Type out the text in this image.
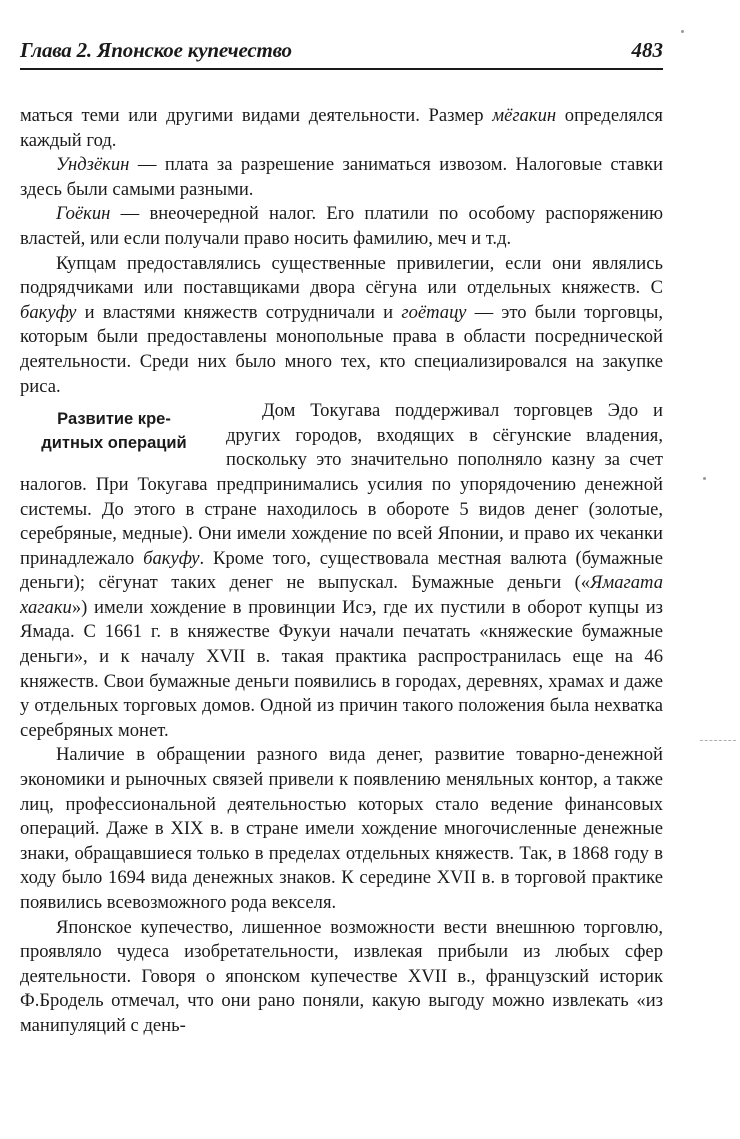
Глава 2. Японское купечество	483

маться теми или другими видами деятельности. Размер мёгакин определялся каждый год.

Ундзёкин — плата за разрешение заниматься извозом. Налоговые ставки здесь были самыми разными.

Гоёкин — внеочередной налог. Его платили по особому распоряжению властей, или если получали право носить фамилию, меч и т.д.

Купцам предоставлялись существенные привилегии, если они являлись подрядчиками или поставщиками двора сёгуна или отдельных княжеств. С бакуфу и властями княжеств сотрудничали и гоётацу — это были торговцы, которым были предоставлены монопольные права в области посреднической деятельности. Среди них было много тех, кто специализировался на закупке риса.

Развитие кре-
дитных операций
Дом Токугава поддерживал торговцев Эдо и других городов, входящих в сёгунские владения, поскольку это значительно пополняло казну за счет налогов. При Токугава предпринимались усилия по упорядочению денежной системы. До этого в стране находилось в обороте 5 видов денег (золотые, серебряные, медные). Они имели хождение по всей Японии, и право их чеканки принадлежало бакуфу. Кроме того, существовала местная валюта (бумажные деньги); сёгунат таких денег не выпускал. Бумажные деньги («Ямагата хагаки») имели хождение в провинции Исэ, где их пустили в оборот купцы из Ямада. С 1661 г. в княжестве Фукуи начали печатать «княжеские бумажные деньги», и к началу XVII в. такая практика распространилась еще на 46 княжеств. Свои бумажные деньги появились в городах, деревнях, храмах и даже у отдельных торговых домов. Одной из причин такого положения была нехватка серебряных монет.

Наличие в обращении разного вида денег, развитие товарно-денежной экономики и рыночных связей привели к появлению меняльных контор, а также лиц, профессиональной деятельностью которых стало ведение финансовых операций. Даже в XIX в. в стране имели хождение многочисленные денежные знаки, обращавшиеся только в пределах отдельных княжеств. Так, в 1868 году в ходу было 1694 вида денежных знаков. К середине XVII в. в торговой практике появились всевозможного рода векселя.

Японское купечество, лишенное возможности вести внешнюю торговлю, проявляло чудеса изобретательности, извлекая прибыли из любых сфер деятельности. Говоря о японском купечестве XVII в., французский историк Ф.Бродель отмечал, что они рано поняли, какую выгоду можно извлекать «из манипуляций с день-
